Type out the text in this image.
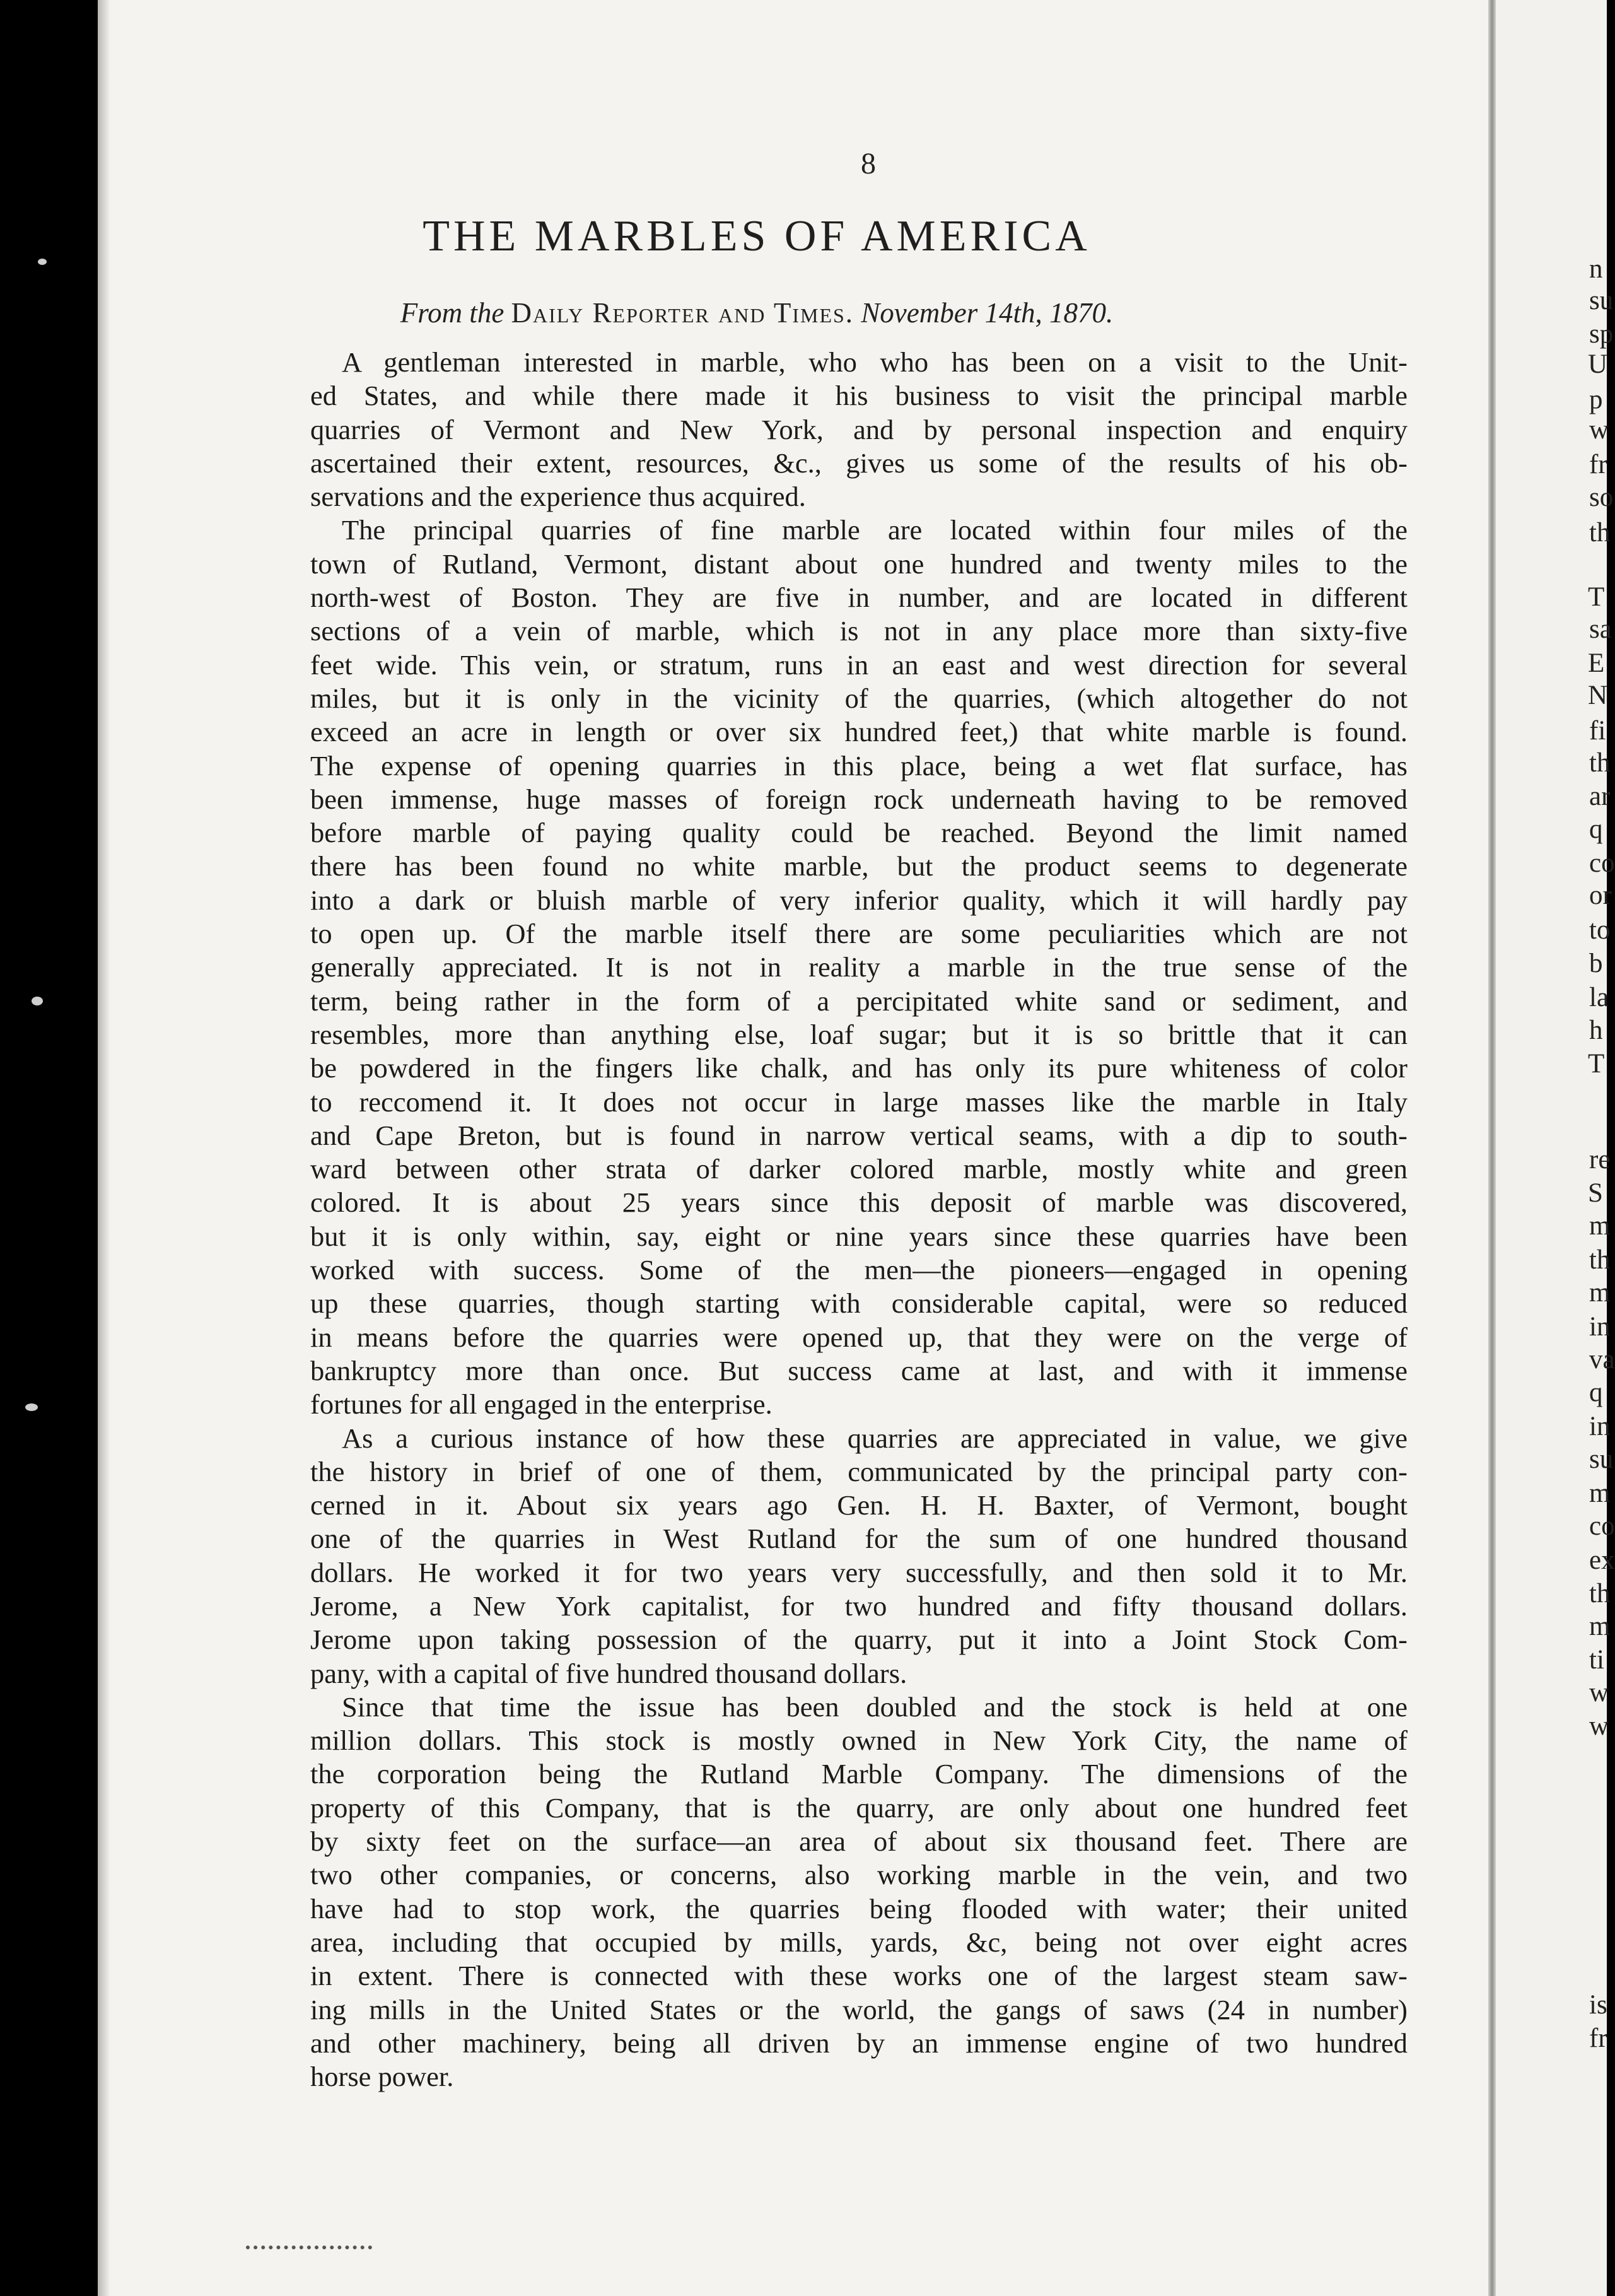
8
THE MARBLES OF AMERICA
From the Daily Reporter and Times. November 14th, 1870.
A gentleman interested in marble, who who has been on a visit to the Unit-
ed States, and while there made it his business to visit the principal marble
quarries of Vermont and New York, and by personal inspection and enquiry
ascertained their extent, resources, &c., gives us some of the results of his ob-
servations and the experience thus acquired.
The principal quarries of fine marble are located within four miles of the
town of Rutland, Vermont, distant about one hundred and twenty miles to the
north-west of Boston. They are five in number, and are located in different
sections of a vein of marble, which is not in any place more than sixty-five
feet wide. This vein, or stratum, runs in an east and west direction for several
miles, but it is only in the vicinity of the quarries, (which altogether do not
exceed an acre in length or over six hundred feet,) that white marble is found.
The expense of opening quarries in this place, being a wet flat surface, has
been immense, huge masses of foreign rock underneath having to be removed
before marble of paying quality could be reached. Beyond the limit named
there has been found no white marble, but the product seems to degenerate
into a dark or bluish marble of very inferior quality, which it will hardly pay
to open up. Of the marble itself there are some peculiarities which are not
generally appreciated. It is not in reality a marble in the true sense of the
term, being rather in the form of a percipitated white sand or sediment, and
resembles, more than anything else, loaf sugar; but it is so brittle that it can
be powdered in the fingers like chalk, and has only its pure whiteness of color
to reccomend it. It does not occur in large masses like the marble in Italy
and Cape Breton, but is found in narrow vertical seams, with a dip to south-
ward between other strata of darker colored marble, mostly white and green
colored. It is about 25 years since this deposit of marble was discovered,
but it is only within, say, eight or nine years since these quarries have been
worked with success. Some of the men—the pioneers—engaged in opening
up these quarries, though starting with considerable capital, were so reduced
in means before the quarries were opened up, that they were on the verge of
bankruptcy more than once. But success came at last, and with it immense
fortunes for all engaged in the enterprise.
As a curious instance of how these quarries are appreciated in value, we give
the history in brief of one of them, communicated by the principal party con-
cerned in it. About six years ago Gen. H. H. Baxter, of Vermont, bought
one of the quarries in West Rutland for the sum of one hundred thousand
dollars. He worked it for two years very successfully, and then sold it to Mr.
Jerome, a New York capitalist, for two hundred and fifty thousand dollars.
Jerome upon taking possession of the quarry, put it into a Joint Stock Com-
pany, with a capital of five hundred thousand dollars.
Since that time the issue has been doubled and the stock is held at one
million dollars. This stock is mostly owned in New York City, the name of
the corporation being the Rutland Marble Company. The dimensions of the
property of this Company, that is the quarry, are only about one hundred feet
by sixty feet on the surface—an area of about six thousand feet. There are
two other companies, or concerns, also working marble in the vein, and two
have had to stop work, the quarries being flooded with water; their united
area, including that occupied by mills, yards, &c, being not over eight acres
in extent. There is connected with these works one of the largest steam saw-
ing mills in the United States or the world, the gangs of saws (24 in number)
and other machinery, being all driven by an immense engine of two hundred
horse power.
n
su
sp
U
p
w
fr
so
th
T
sa
E
N
fi
th
ar
q
co
or
to
b
la
h
T
re
S
m
th
m
in
va
q
in
su
m
co
ex
th
m
ti
w
w
is
fr
